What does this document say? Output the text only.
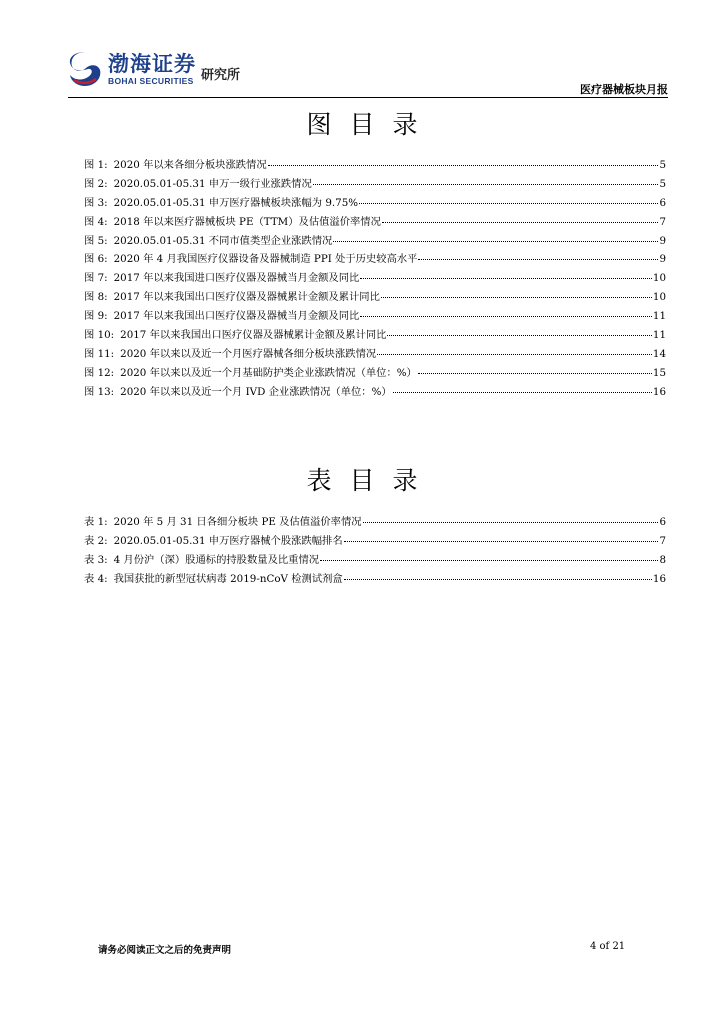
渤海证券
BOHAI SECURITIES 研究所
医疗器械板块月报
图目录
图 1: 2020 年以来各细分板块涨跌情况	5
图 2: 2020.05.01-05.31 申万一级行业涨跌情况	5
图 3: 2020.05.01-05.31 申万医疗器械板块涨幅为 9.75%	6
图 4: 2018 年以来医疗器械板块 PE（TTM）及估值溢价率情况	7
图 5: 2020.05.01-05.31 不同市值类型企业涨跌情况	9
图 6: 2020 年 4 月我国医疗仪器设备及器械制造 PPI 处于历史较高水平	9
图 7: 2017 年以来我国进口医疗仪器及器械当月金额及同比	10
图 8: 2017 年以来我国出口医疗仪器及器械累计金额及累计同比	10
图 9: 2017 年以来我国出口医疗仪器及器械当月金额及同比	11
图 10: 2017 年以来我国出口医疗仪器及器械累计金额及累计同比	11
图 11: 2020 年以来以及近一个月医疗器械各细分板块涨跌情况	14
图 12: 2020 年以来以及近一个月基础防护类企业涨跌情况（单位：%）	15
图 13: 2020 年以来以及近一个月 IVD 企业涨跌情况（单位：%）	16
表目录
表 1: 2020 年 5 月 31 日各细分板块 PE 及估值溢价率情况	6
表 2: 2020.05.01-05.31 申万医疗器械个股涨跌幅排名	7
表 3: 4 月份沪（深）股通标的持股数量及比重情况	8
表 4: 我国获批的新型冠状病毒 2019-nCoV 检测试剂盒	16
请务必阅读正文之后的免责声明	4 of 21
